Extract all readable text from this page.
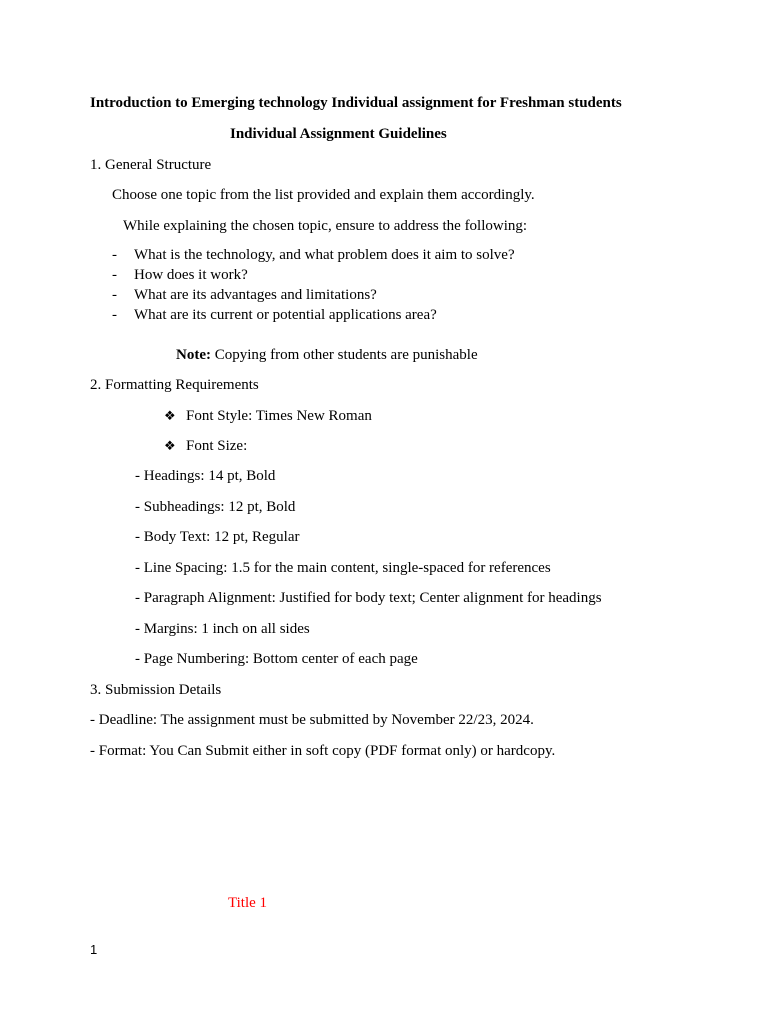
Introduction to Emerging technology Individual assignment for Freshman students
Individual Assignment Guidelines
1. General Structure
Choose one topic from the list provided and explain them accordingly.
While explaining the chosen topic, ensure to address the following:
- What is the technology, and what problem does it aim to solve?
- How does it work?
- What are its advantages and limitations?
- What are its current or potential applications area?
Note: Copying from other students are punishable
2. Formatting Requirements
❖ Font Style: Times New Roman
❖ Font Size:
- Headings: 14 pt, Bold
- Subheadings: 12 pt, Bold
- Body Text: 12 pt, Regular
- Line Spacing: 1.5 for the main content, single-spaced for references
- Paragraph Alignment: Justified for body text; Center alignment for headings
- Margins: 1 inch on all sides
- Page Numbering: Bottom center of each page
3. Submission Details
- Deadline: The assignment must be submitted by November 22/23, 2024.
- Format: You Can Submit either in soft copy (PDF format only) or hardcopy.
Title 1
1
